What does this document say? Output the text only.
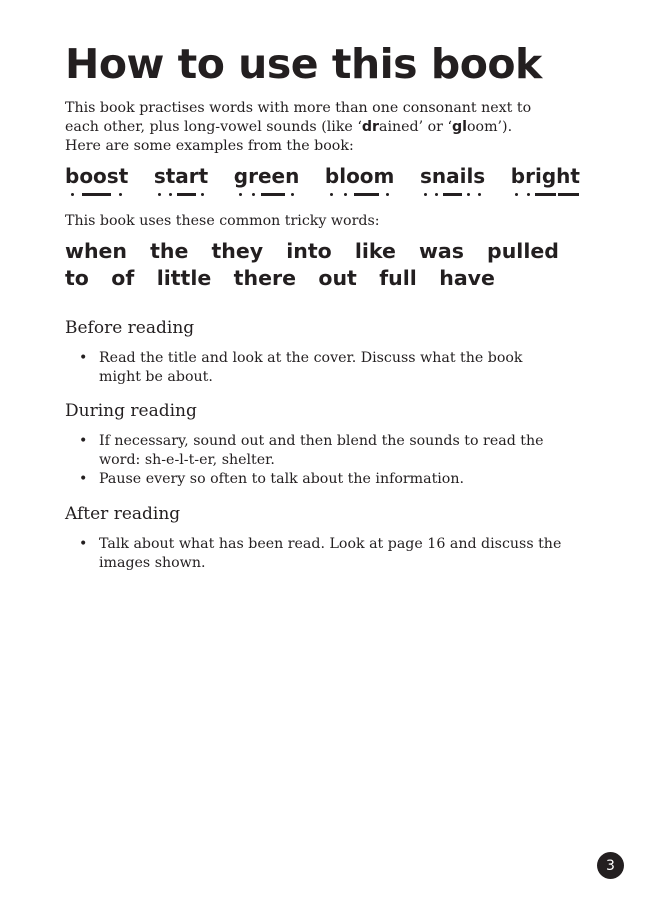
How to use this book

This book practises words with more than one consonant next to
each other, plus long-vowel sounds (like ‘drained’ or ‘gloom’).
Here are some examples from the book:

boost start green bloom snails bright

This book uses these common tricky words:

when the they into like was pulled
to of little there out full have
Before reading
• Read the title and look at the cover. Discuss what the book might be about.
During reading
• If necessary, sound out and then blend the sounds to read the word: sh-e-l-t-er, shelter.
• Pause every so often to talk about the information.
After reading
• Talk about what has been read. Look at page 16 and discuss the images shown.
3
